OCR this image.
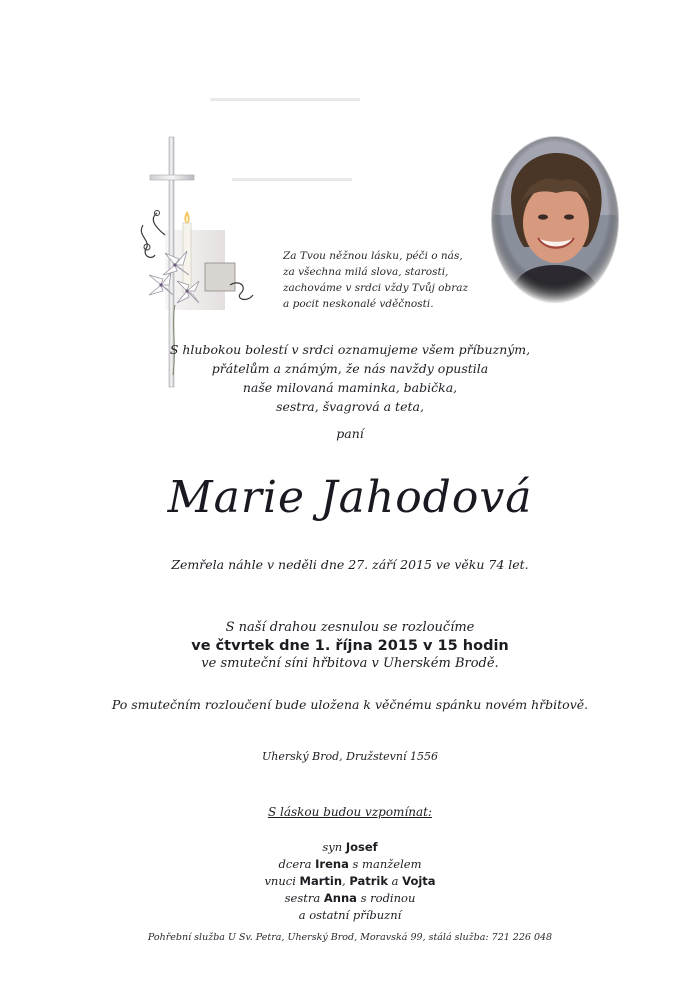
Za Tvou něžnou lásku, péči o nás,
za všechna milá slova, starosti,
zachováme v srdci vždy Tvůj obraz
a pocit neskonalé vděčnosti.
S hlubokou bolestí v srdci oznamujeme všem příbuzným,
přátelům a známým, že nás navždy opustila
naše milovaná maminka, babička,
sestra, švagrová a teta,
paní
Marie Jahodová
Zemřela náhle v neděli dne 27. září 2015 ve věku 74 let.
S naší drahou zesnulou se rozloučíme
ve čtvrtek dne 1. října 2015 v 15 hodin
ve smuteční síni hřbitova v Uherském Brodě.
Po smutečním rozloučení bude uložena k věčnému spánku novém hřbitově.
Uherský Brod, Družstevní 1556
S láskou budou vzpomínat:
syn Josef
dcera Irena s manželem
vnuci Martin, Patrik a Vojta
sestra Anna s rodinou
a ostatní příbuzní
Pohřební služba U Sv. Petra, Uherský Brod, Moravská 99, stálá služba: 721 226 048
